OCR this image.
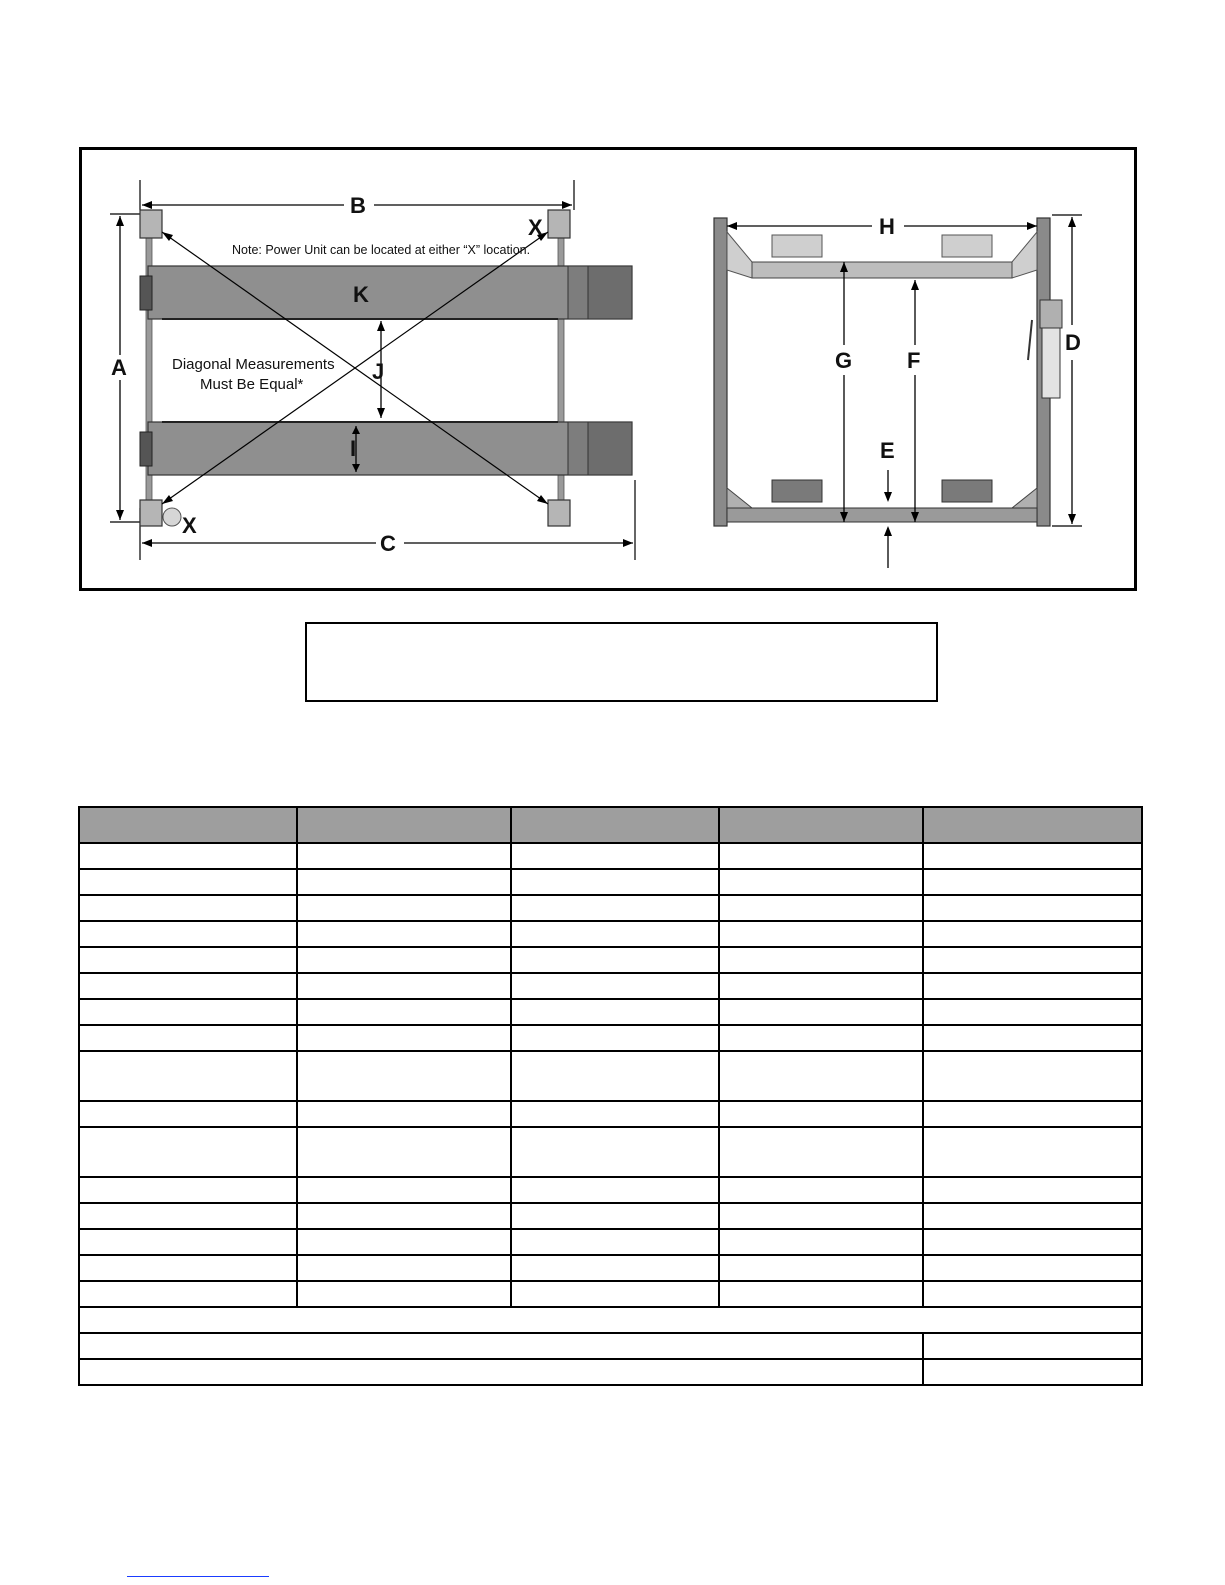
B
A
C
K
I
J
Note: Power Unit can be located at either “X” location.
Diagonal Measurements
Must Be Equal*
X
X
H
D
G F
E
